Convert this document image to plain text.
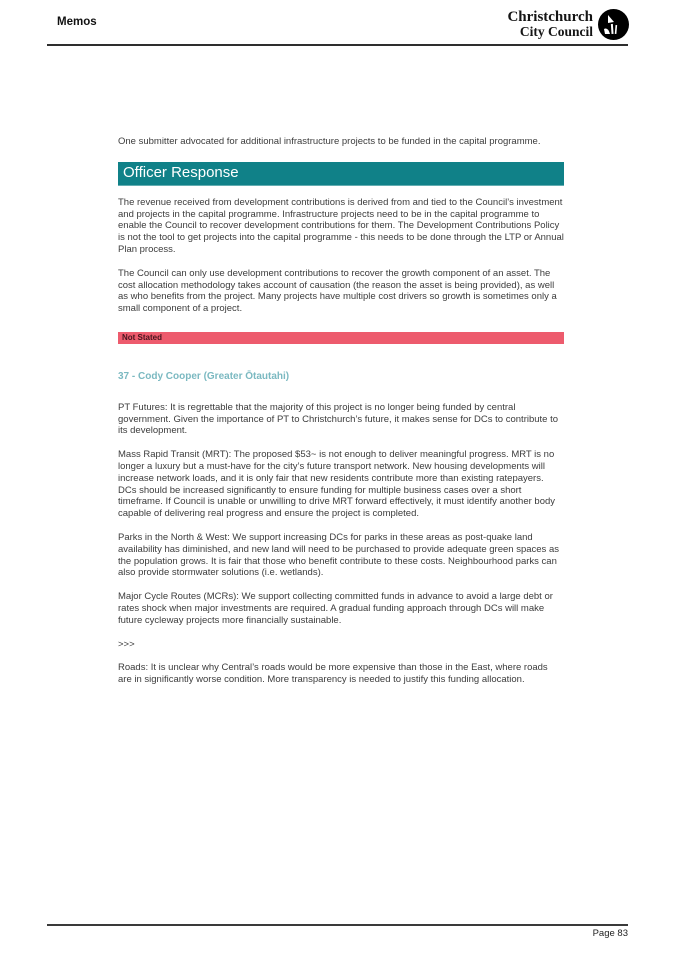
Memos	Christchurch
City Council

One submitter advocated for additional infrastructure projects to be funded in the capital programme.

Officer Response

The revenue received from development contributions is derived from and tied to the Council’s investment and projects in the capital programme. Infrastructure projects need to be in the capital programme to enable the Council to recover development contributions for them. The Development Contributions Policy is not the tool to get projects into the capital programme - this needs to be done through the LTP or Annual Plan process.

The Council can only use development contributions to recover the growth component of an asset. The cost allocation methodology takes account of causation (the reason the asset is being provided), as well as who benefits from the project. Many projects have multiple cost drivers so growth is sometimes only a small component of a project.

Not Stated
37 - Cody Cooper (Greater Ōtautahi)

PT Futures: It is regrettable that the majority of this project is no longer being funded by central government. Given the importance of PT to Christchurch’s future, it makes sense for DCs to contribute to its development.

Mass Rapid Transit (MRT): The proposed $53~ is not enough to deliver meaningful progress. MRT is no longer a luxury but a must-have for the city’s future transport network. New housing developments will increase network loads, and it is only fair that new residents contribute more than existing ratepayers. DCs should be increased significantly to ensure funding for multiple business cases over a short timeframe. If Council is unable or unwilling to drive MRT forward effectively, it must identify another body capable of delivering real progress and ensure the project is completed.

Parks in the North & West: We support increasing DCs for parks in these areas as post-quake land availability has diminished, and new land will need to be purchased to provide adequate green spaces as the population grows. It is fair that those who benefit contribute to these costs. Neighbourhood parks can also provide stormwater solutions (i.e. wetlands).

Major Cycle Routes (MCRs): We support collecting committed funds in advance to avoid a large debt or rates shock when major investments are required. A gradual funding approach through DCs will make future cycleway projects more financially sustainable.

>>>

Roads: It is unclear why Central’s roads would be more expensive than those in the East, where roads are in significantly worse condition. More transparency is needed to justify this funding allocation.

Page 83
